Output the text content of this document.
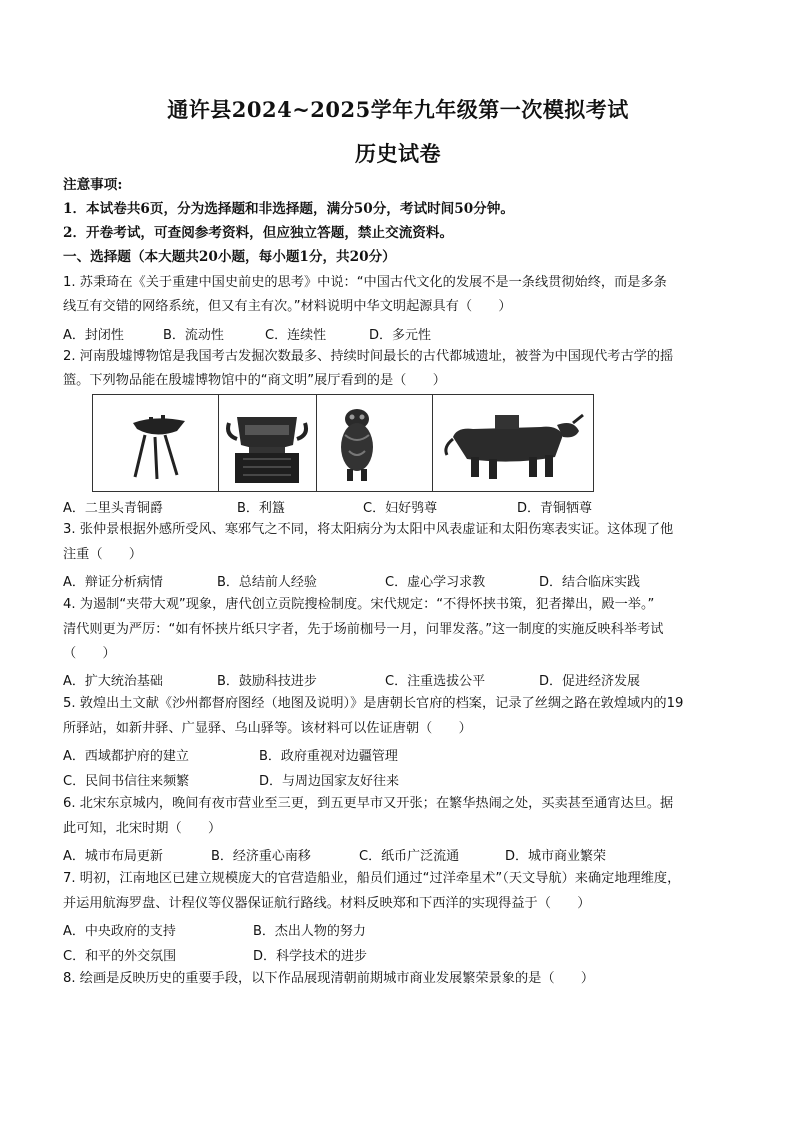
通许县2024~2025学年九年级第一次模拟考试
历史试卷
注意事项:
1．本试卷共6页，分为选择题和非选择题，满分50分，考试时间50分钟。
2．开卷考试，可查阅参考资料，但应独立答题，禁止交流资料。
一、选择题（本大题共20小题，每小题1分，共20分）
1. 苏秉琦在《关于重建中国史前史的思考》中说：“中国古代文化的发展不是一条线贯彻始终，而是多条
线互有交错的网络系统，但又有主有次。”材料说明中华文明起源具有（　　）
A．封闭性	B．流动性	C．连续性	D．多元性
2. 河南殷墟博物馆是我国考古发掘次数最多、持续时间最长的古代都城遗址，被誉为中国现代考古学的摇
篮。下列物品能在殷墟博物馆中的“商文明”展厅看到的是（　　）
A．二里头青铜爵	B．利簋	C．妇好鸮尊	D．青铜牺尊
3. 张仲景根据外感所受风、寒邪气之不同，将太阳病分为太阳中风表虚证和太阳伤寒表实证。这体现了他
注重（　　）
A．辩证分析病情	B．总结前人经验	C．虚心学习求教	D．结合临床实践
4. 为遏制“夹带大观”现象，唐代创立贡院搜检制度。宋代规定：“不得怀挟书策，犯者撵出，殿一举。”
清代则更为严厉：“如有怀挟片纸只字者，先于场前枷号一月，问罪发落。”这一制度的实施反映科举考试
（　　）
A．扩大统治基础	B．鼓励科技进步	C．注重选拔公平	D．促进经济发展
5. 敦煌出土文献《沙州都督府图经（地图及说明）》是唐朝长官府的档案，记录了丝绸之路在敦煌域内的19
所驿站，如新井驿、广显驿、乌山驿等。该材料可以佐证唐朝（　　）
A．西域都护府的建立	B．政府重视对边疆管理
C．民间书信往来频繁	D．与周边国家友好往来
6. 北宋东京城内，晚间有夜市营业至三更，到五更早市又开张；在繁华热闹之处，买卖甚至通宵达旦。据
此可知，北宋时期（　　）
A．城市布局更新	B．经济重心南移	C．纸币广泛流通	D．城市商业繁荣
7. 明初，江南地区已建立规模庞大的官营造船业，船员们通过“过洋牵星术”（天文导航）来确定地理维度，
并运用航海罗盘、计程仪等仪器保证航行路线。材料反映郑和下西洋的实现得益于（　　）
A．中央政府的支持	B．杰出人物的努力
C．和平的外交氛围	D．科学技术的进步
8. 绘画是反映历史的重要手段，以下作品展现清朝前期城市商业发展繁荣景象的是（　　）
